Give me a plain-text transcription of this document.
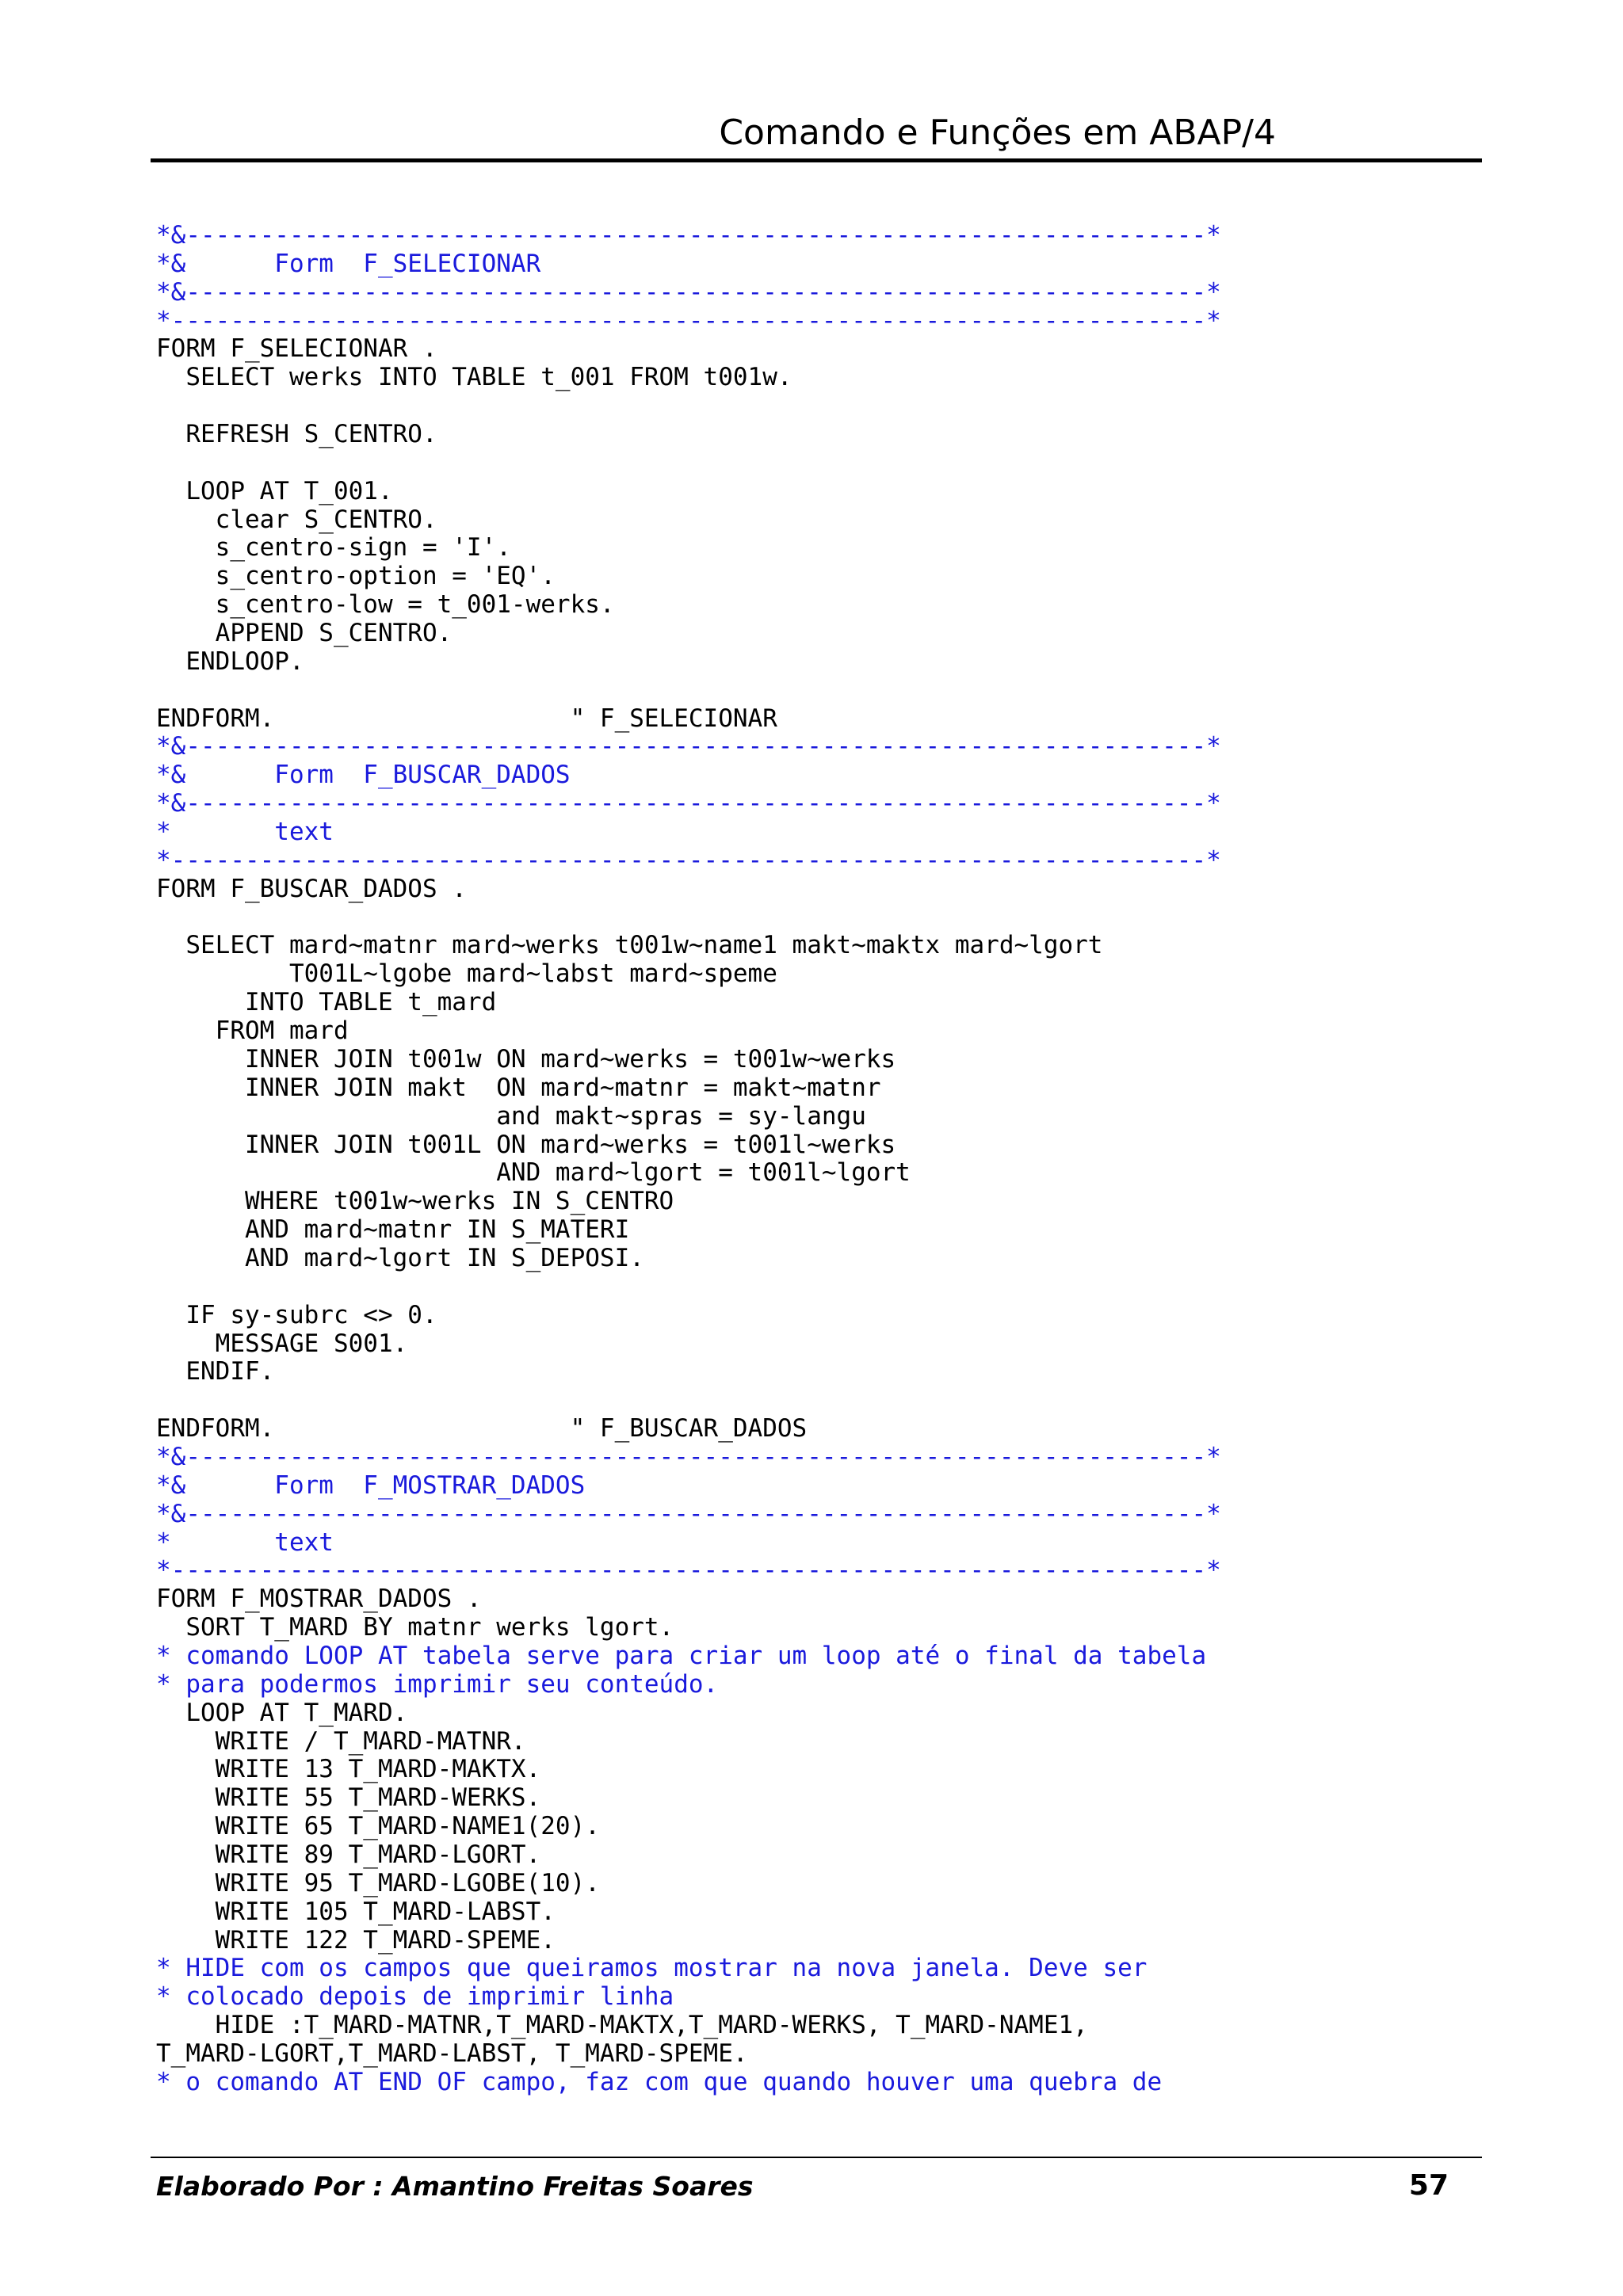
Comando e Funções em ABAP/4
*&---------------------------------------------------------------------*
*&      Form  F_SELECIONAR
*&---------------------------------------------------------------------*
*----------------------------------------------------------------------*
FORM F_SELECIONAR .
SELECT werks INTO TABLE t_001 FROM t001w.
REFRESH S_CENTRO.
LOOP AT T_001.
clear S_CENTRO.
s_centro-sign = 'I'.
s_centro-option = 'EQ'.
s_centro-low = t_001-werks.
APPEND S_CENTRO.
ENDLOOP.
ENDFORM.                    " F_SELECIONAR
*&---------------------------------------------------------------------*
*&      Form  F_BUSCAR_DADOS
*&---------------------------------------------------------------------*
*       text
*----------------------------------------------------------------------*
FORM F_BUSCAR_DADOS .
SELECT mard~matnr mard~werks t001w~name1 makt~maktx mard~lgort
T001L~lgobe mard~labst mard~speme
INTO TABLE t_mard
FROM mard
INNER JOIN t001w ON mard~werks = t001w~werks
INNER JOIN makt  ON mard~matnr = makt~matnr
and makt~spras = sy-langu
INNER JOIN t001L ON mard~werks = t001l~werks
AND mard~lgort = t001l~lgort
WHERE t001w~werks IN S_CENTRO
AND mard~matnr IN S_MATERI
AND mard~lgort IN S_DEPOSI.
IF sy-subrc <> 0.
MESSAGE S001.
ENDIF.
ENDFORM.                    " F_BUSCAR_DADOS
*&---------------------------------------------------------------------*
*&      Form  F_MOSTRAR_DADOS
*&---------------------------------------------------------------------*
*       text
*----------------------------------------------------------------------*
FORM F_MOSTRAR_DADOS .
SORT T_MARD BY matnr werks lgort.
* comando LOOP AT tabela serve para criar um loop até o final da tabela
* para podermos imprimir seu conteúdo.
LOOP AT T_MARD.
WRITE / T_MARD-MATNR.
WRITE 13 T_MARD-MAKTX.
WRITE 55 T_MARD-WERKS.
WRITE 65 T_MARD-NAME1(20).
WRITE 89 T_MARD-LGORT.
WRITE 95 T_MARD-LGOBE(10).
WRITE 105 T_MARD-LABST.
WRITE 122 T_MARD-SPEME.
* HIDE com os campos que queiramos mostrar na nova janela. Deve ser
* colocado depois de imprimir linha
HIDE :T_MARD-MATNR,T_MARD-MAKTX,T_MARD-WERKS, T_MARD-NAME1,
T_MARD-LGORT,T_MARD-LABST, T_MARD-SPEME.
* o comando AT END OF campo, faz com que quando houver uma quebra de
Elaborado Por : Amantino Freitas Soares	57
